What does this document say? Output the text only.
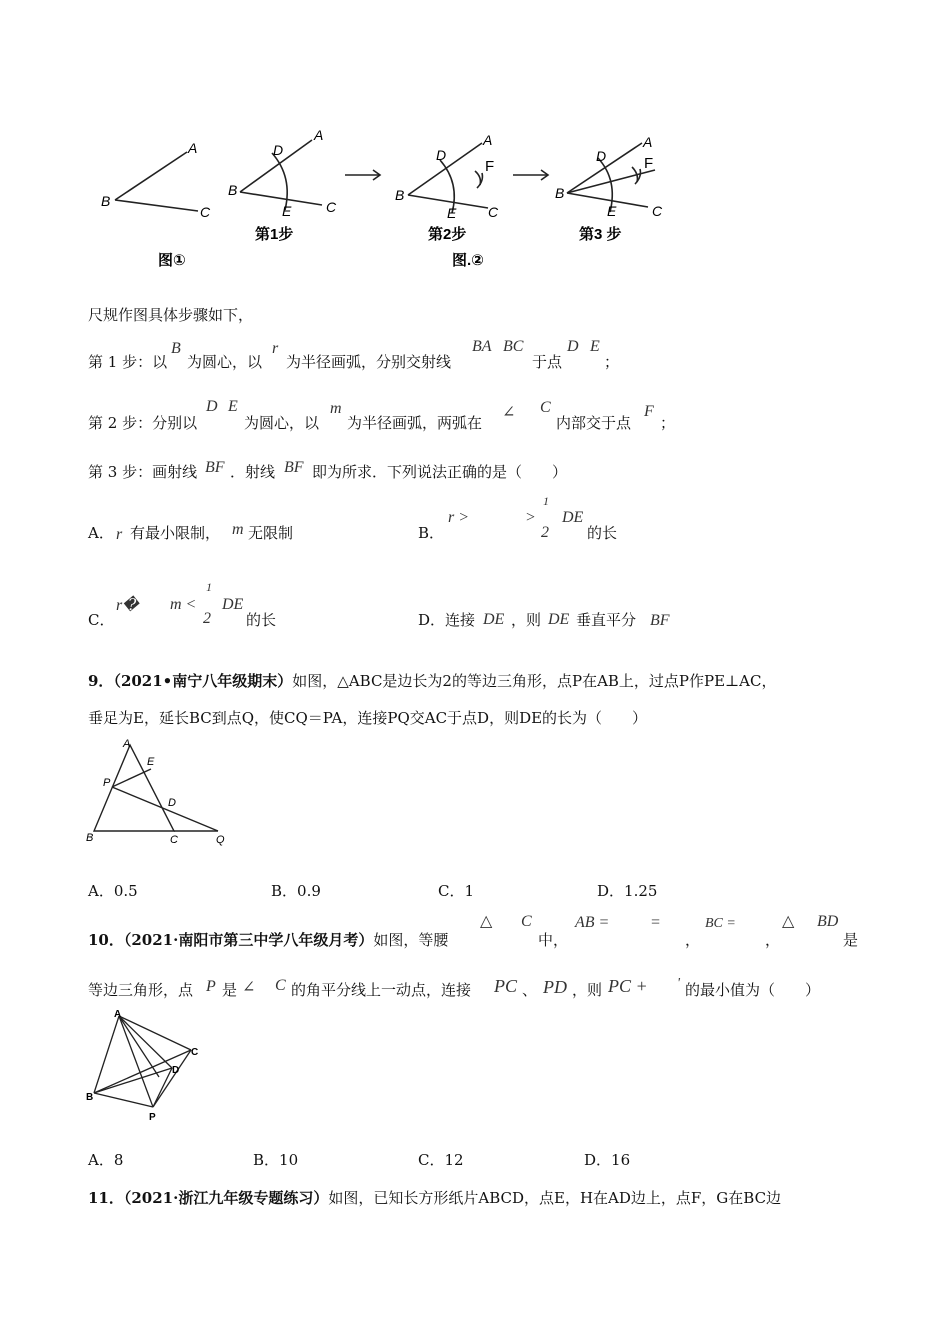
A
B
C
A
B
C
D
E
第1步
A
B
C
D
E
F
第2步
A
B
C
D
E
F
第3 步
图①	图.②
尺规作图具体步骤如下，
第 1 步：以
B
为圆心，以
r
为半径画弧，分别交射线
BA BC
于点
D E
；
第 2 步：分别以
D E
为圆心，以
m
为半径画弧，两弧在
∠ C
内部交于点
F
；
第 3 步：画射线 BF ．射线 BF 即为所求．下列说法正确的是（　　）
A． r 有最小限制， m 无限制	B．
r >	>
1
2
DE
的长
C．
r� m <
1
2
DE
的长	D．连接 DE ，则 DE 垂直平分 BF
9．（2021•南宁八年级期末）如图，△ABC是边长为2的等边三角形，点P在AB上，过点P作PE⊥AC，
垂足为E，延长BC到点Q，使CQ＝PA，连接PQ交AC于点D，则DE的长为（　　）
A
E
P
D
B	C	Q
A．0.5	B．0.9	C．1	D．1.25
10．（2021·南阳市第三中学八年级月考）如图，等腰
△ C
中，
AB =	=
，
BC =
，
△ BD
是
等边三角形，点 P 是 ∠ C 的角平分线上一动点，连接 PC 、 PD ，则 PC + ' 的最小值为（　　）
A
B
C
D
P
A．8	B．10	C．12	D．16
11．（2021·浙江九年级专题练习）如图，已知长方形纸片ABCD，点E，H在AD边上，点F，G在BC边
